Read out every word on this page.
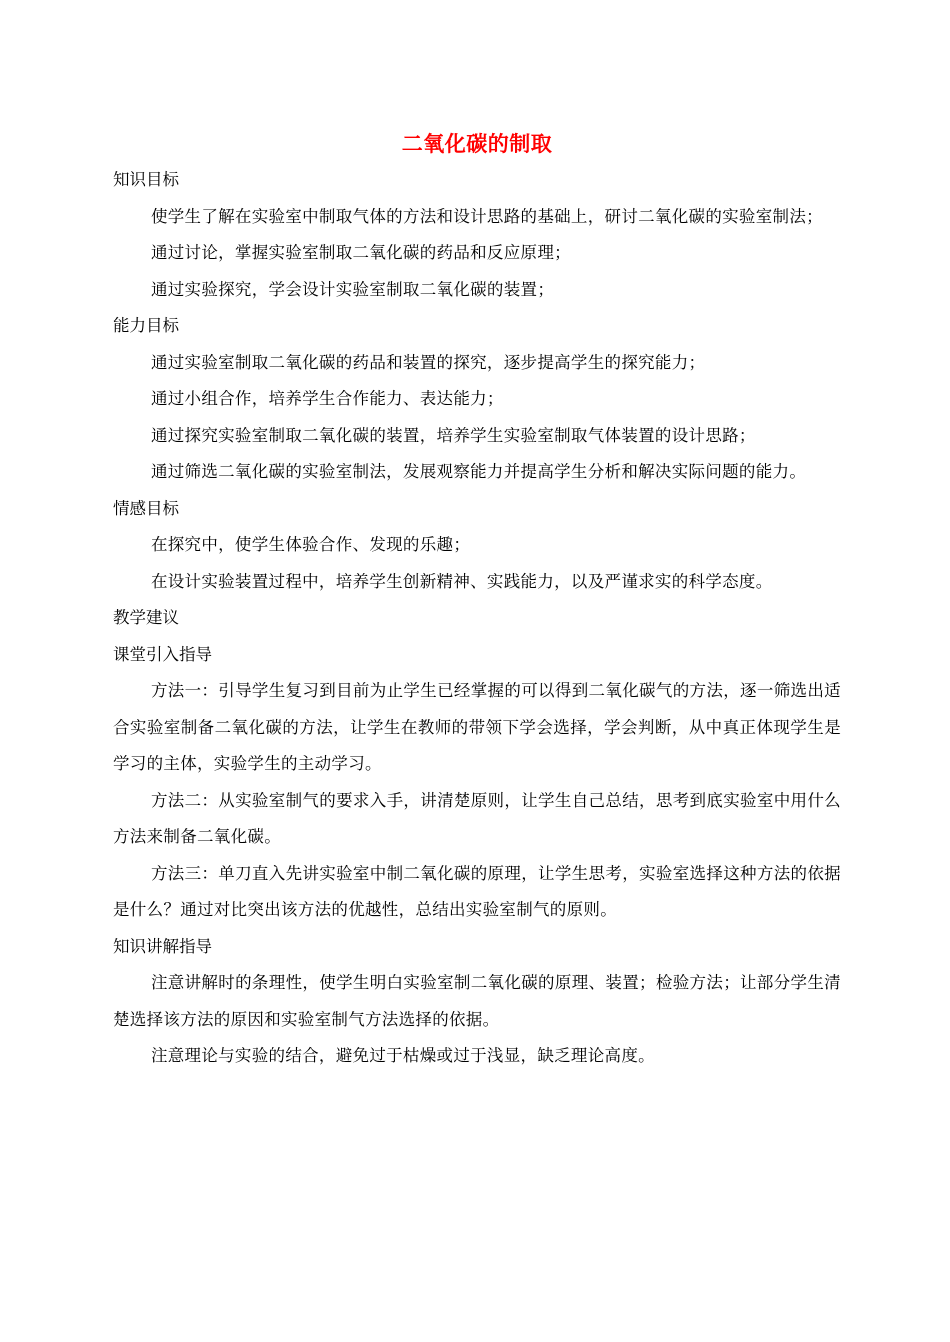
二氧化碳的制取

知识目标

使学生了解在实验室中制取气体的方法和设计思路的基础上，研讨二氧化碳的实验室制法；

通过讨论，掌握实验室制取二氧化碳的药品和反应原理；

通过实验探究，学会设计实验室制取二氧化碳的装置；

能力目标

通过实验室制取二氧化碳的药品和装置的探究，逐步提高学生的探究能力；

通过小组合作，培养学生合作能力、表达能力；

通过探究实验室制取二氧化碳的装置，培养学生实验室制取气体装置的设计思路；

通过筛选二氧化碳的实验室制法，发展观察能力并提高学生分析和解决实际问题的能力。

情感目标

在探究中，使学生体验合作、发现的乐趣；

在设计实验装置过程中，培养学生创新精神、实践能力，以及严谨求实的科学态度。

教学建议

课堂引入指导

方法一：引导学生复习到目前为止学生已经掌握的可以得到二氧化碳气的方法，逐一筛选出适合实验室制备二氧化碳的方法，让学生在教师的带领下学会选择，学会判断，从中真正体现学生是学习的主体，实验学生的主动学习。

方法二：从实验室制气的要求入手，讲清楚原则，让学生自己总结，思考到底实验室中用什么方法来制备二氧化碳。

方法三：单刀直入先讲实验室中制二氧化碳的原理，让学生思考，实验室选择这种方法的依据是什么？通过对比突出该方法的优越性，总结出实验室制气的原则。

知识讲解指导

注意讲解时的条理性，使学生明白实验室制二氧化碳的原理、装置；检验方法；让部分学生清楚选择该方法的原因和实验室制气方法选择的依据。

注意理论与实验的结合，避免过于枯燥或过于浅显，缺乏理论高度。
